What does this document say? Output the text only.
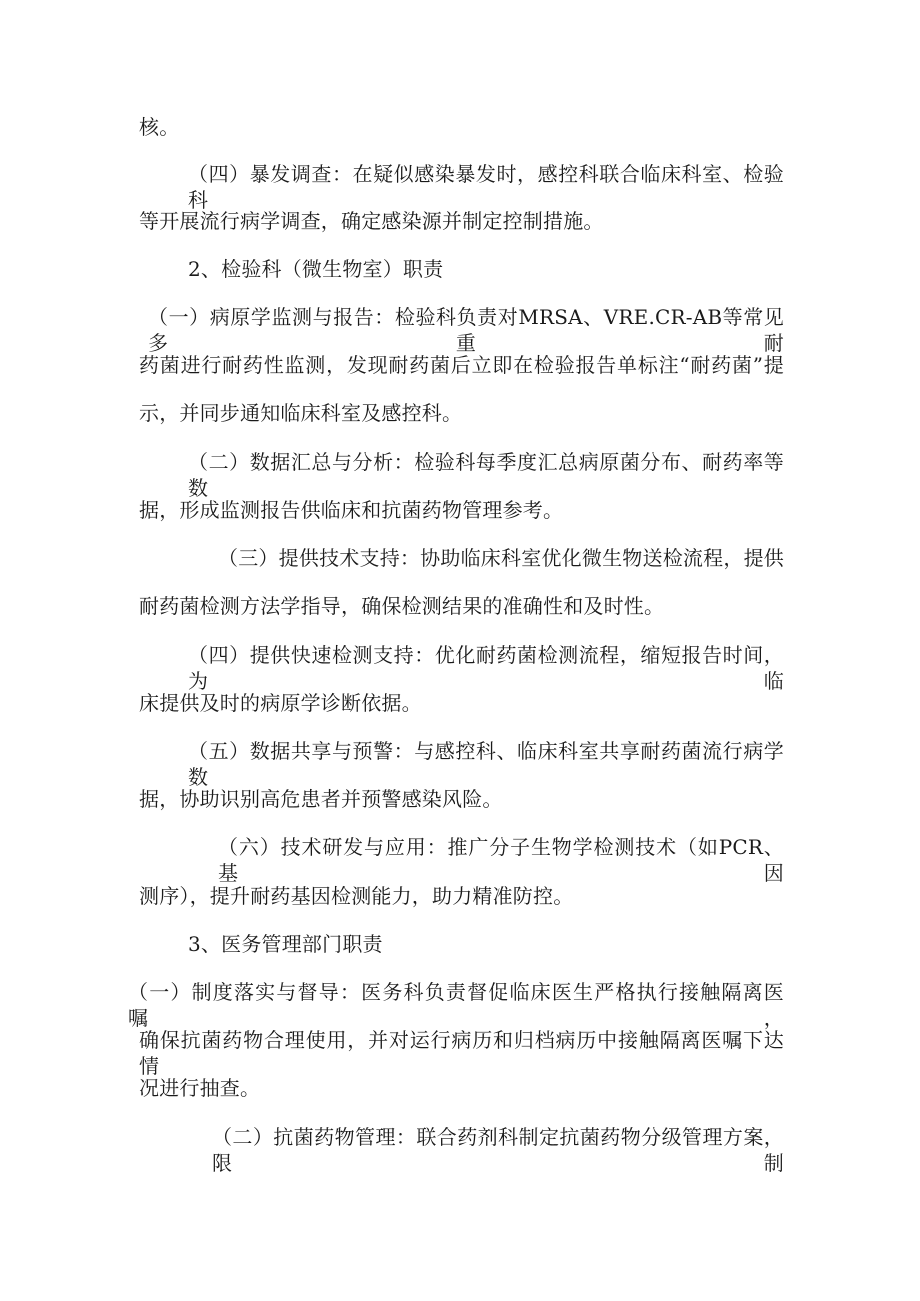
核。
（四）暴发调查：在疑似感染暴发时，感控科联合临床科室、检验科
等开展流行病学调查，确定感染源并制定控制措施。
2、检验科（微生物室）职责
（一）病原学监测与报告：检验科负责对MRSA、VRE.CR-AB等常见多重耐
药菌进行耐药性监测，发现耐药菌后立即在检验报告单标注“耐药菌”提
示，并同步通知临床科室及感控科。
（二）数据汇总与分析：检验科每季度汇总病原菌分布、耐药率等数
据，形成监测报告供临床和抗菌药物管理参考。
（三）提供技术支持：协助临床科室优化微生物送检流程，提供
耐药菌检测方法学指导，确保检测结果的准确性和及时性。
（四）提供快速检测支持：优化耐药菌检测流程，缩短报告时间，为临
床提供及时的病原学诊断依据。
（五）数据共享与预警：与感控科、临床科室共享耐药菌流行病学数
据，协助识别高危患者并预警感染风险。
（六）技术研发与应用：推广分子生物学检测技术（如PCR、基因
测序），提升耐药基因检测能力，助力精准防控。
3、医务管理部门职责
（一）制度落实与督导：医务科负责督促临床医生严格执行接触隔离医嘱，
确保抗菌药物合理使用，并对运行病历和归档病历中接触隔离医嘱下达情
况进行抽查。
（二）抗菌药物管理：联合药剂科制定抗菌药物分级管理方案，限制
